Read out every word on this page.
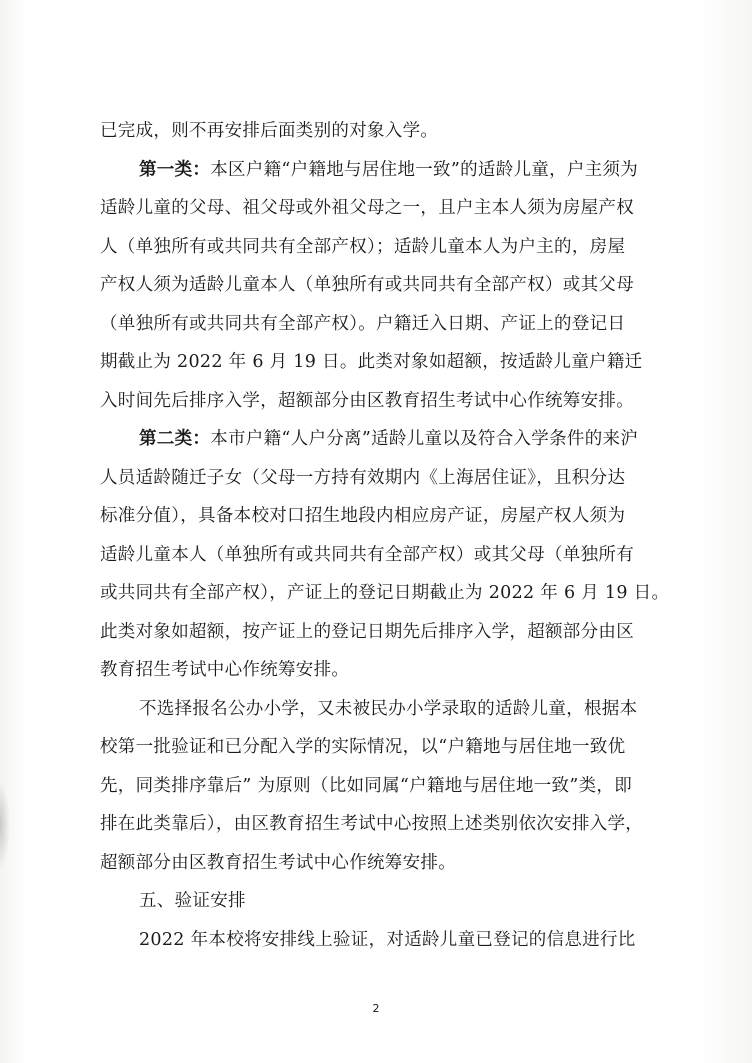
已完成，则不再安排后面类别的对象入学。
第一类：本区户籍“户籍地与居住地一致”的适龄儿童，户主须为
适龄儿童的父母、祖父母或外祖父母之一，且户主本人须为房屋产权
人（单独所有或共同共有全部产权）；适龄儿童本人为户主的，房屋
产权人须为适龄儿童本人（单独所有或共同共有全部产权）或其父母
（单独所有或共同共有全部产权）。户籍迁入日期、产证上的登记日
期截止为 2022 年 6 月 19 日。此类对象如超额，按适龄儿童户籍迁
入时间先后排序入学，超额部分由区教育招生考试中心作统筹安排。
第二类：本市户籍“人户分离”适龄儿童以及符合入学条件的来沪
人员适龄随迁子女（父母一方持有效期内《上海居住证》，且积分达
标准分值），具备本校对口招生地段内相应房产证，房屋产权人须为
适龄儿童本人（单独所有或共同共有全部产权）或其父母（单独所有
或共同共有全部产权），产证上的登记日期截止为 2022 年 6 月 19 日。
此类对象如超额，按产证上的登记日期先后排序入学，超额部分由区
教育招生考试中心作统筹安排。
不选择报名公办小学，又未被民办小学录取的适龄儿童，根据本
校第一批验证和已分配入学的实际情况，以“户籍地与居住地一致优
先，同类排序靠后” 为原则（比如同属“户籍地与居住地一致”类，即
排在此类靠后），由区教育招生考试中心按照上述类别依次安排入学，
超额部分由区教育招生考试中心作统筹安排。
五、验证安排
2022 年本校将安排线上验证，对适龄儿童已登记的信息进行比
2
